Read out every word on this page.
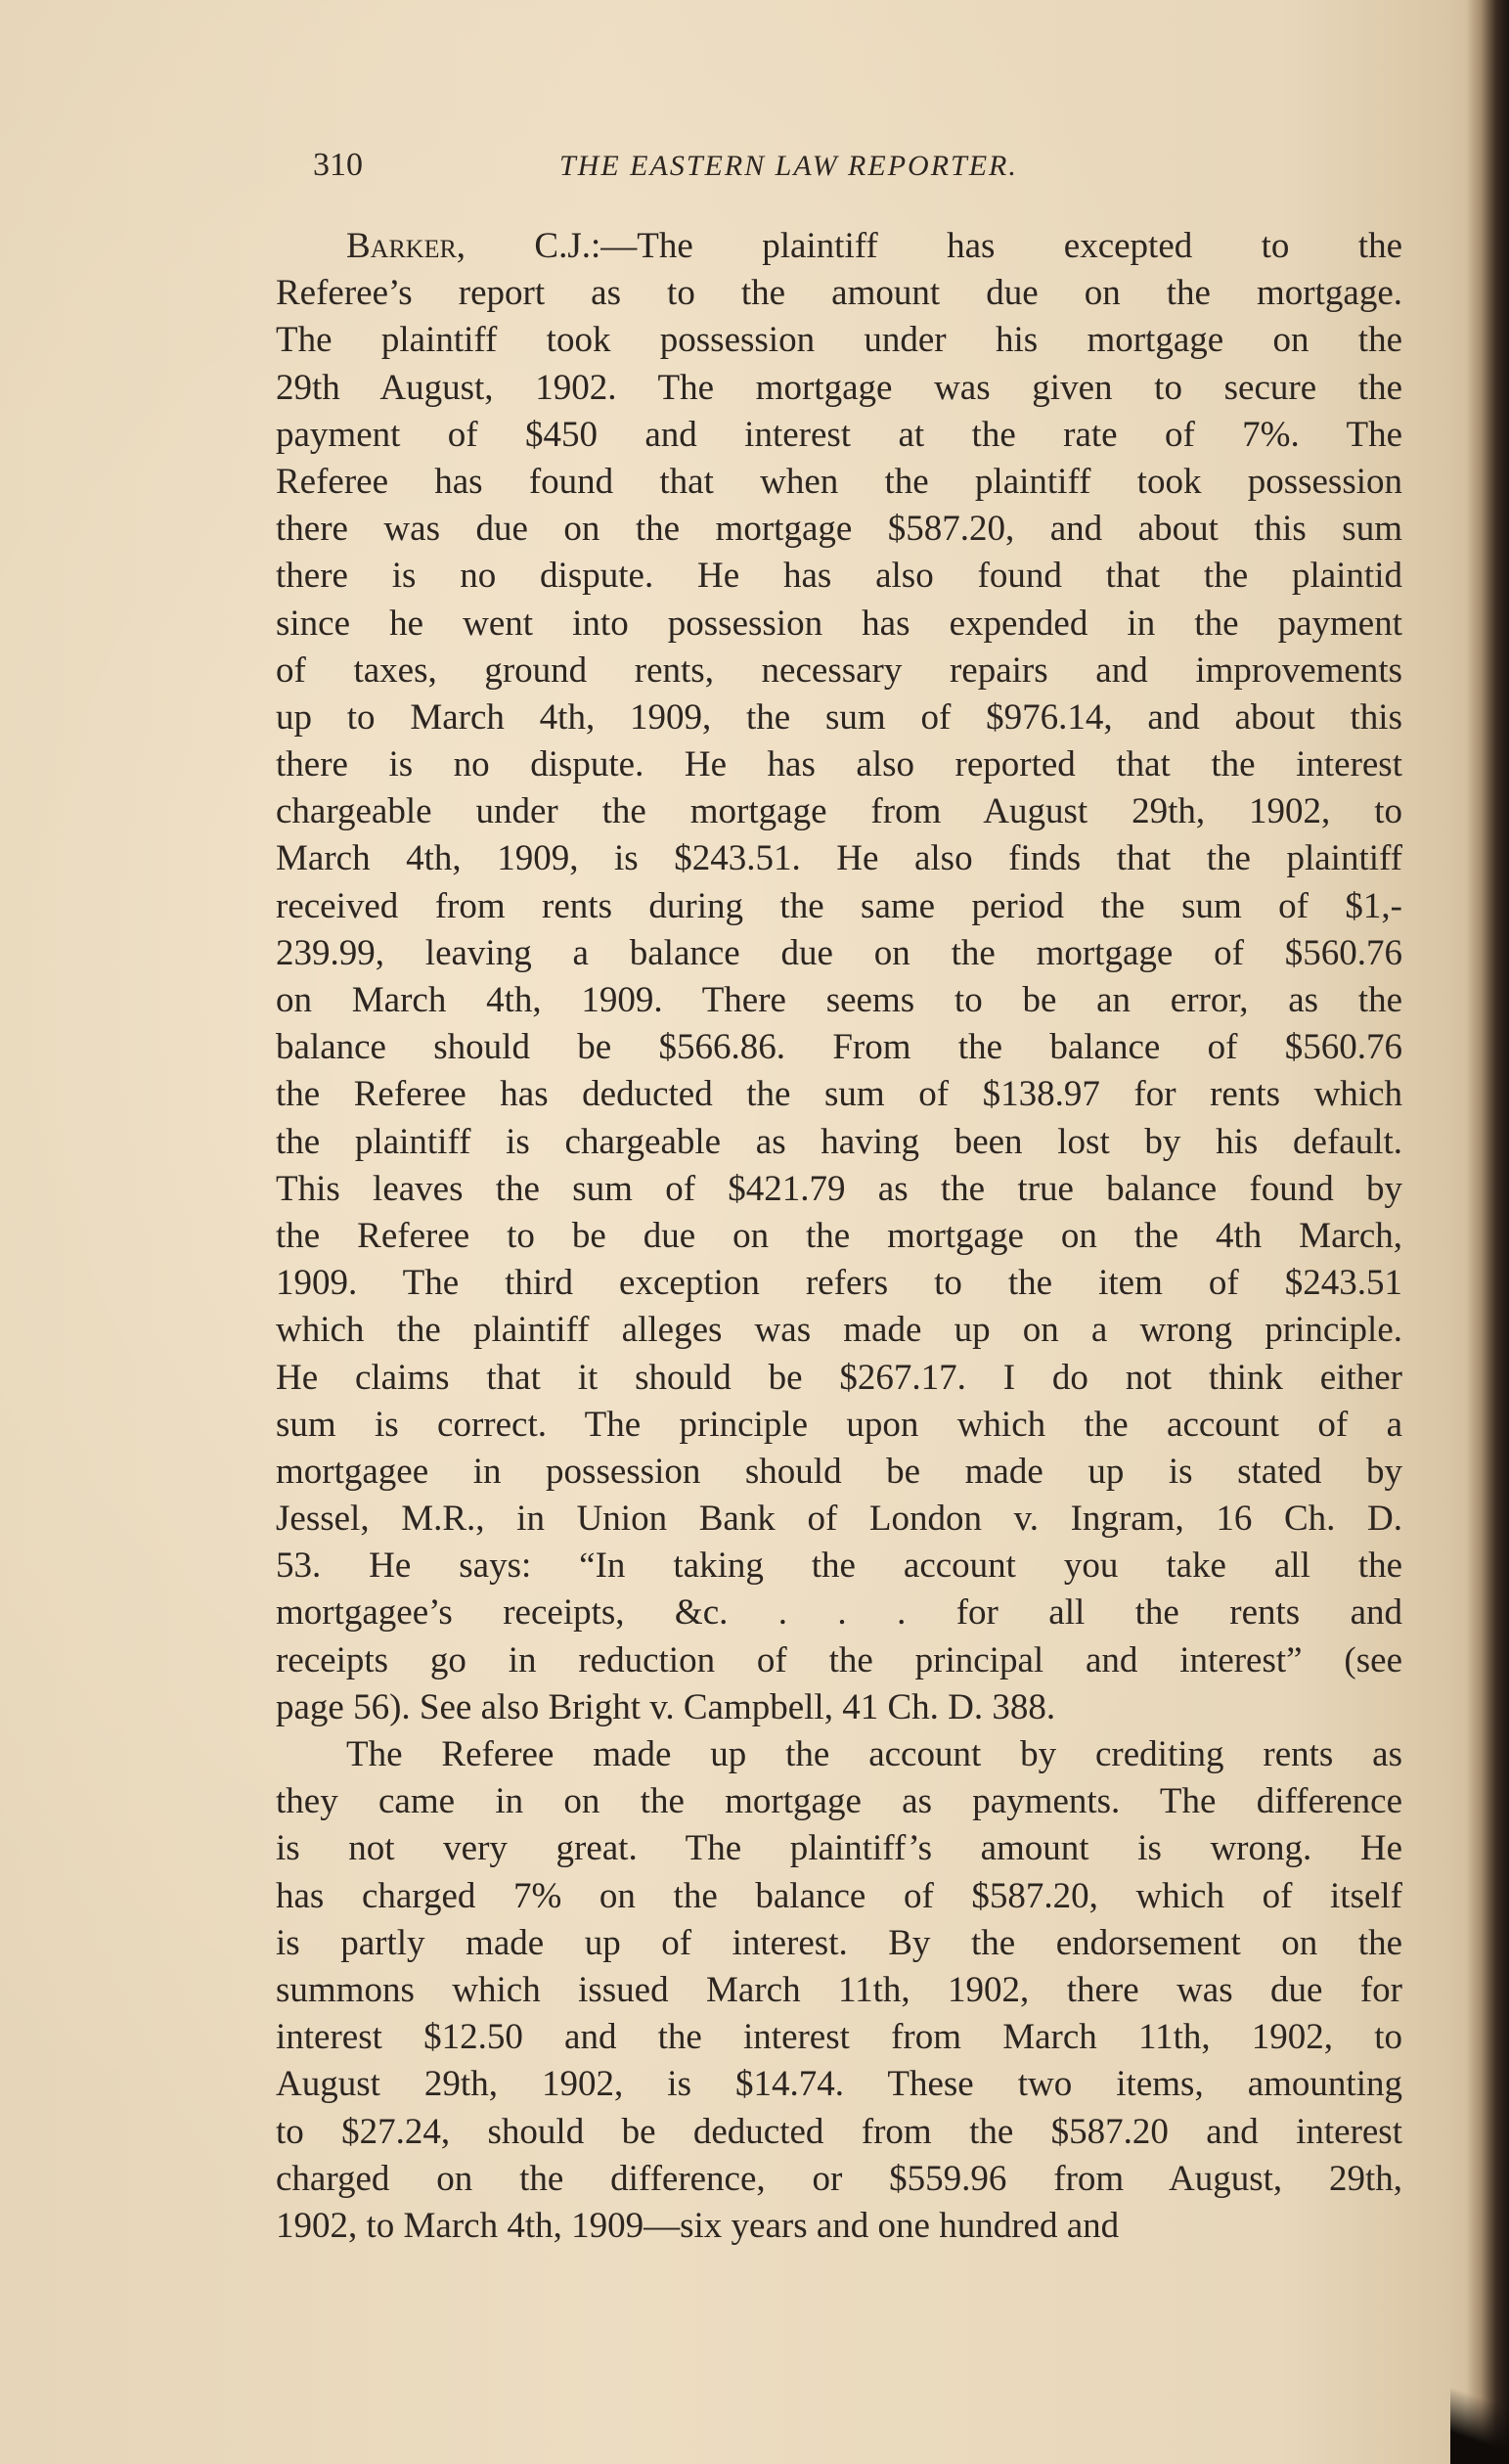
310	THE EASTERN LAW REPORTER.
Barker, C.J.:—The plaintiff has excepted to the
Referee’s report as to the amount due on the mortgage.
The plaintiff took possession under his mortgage on the
29th August, 1902. The mortgage was given to secure the
payment of $450 and interest at the rate of 7%. The
Referee has found that when the plaintiff took possession
there was due on the mortgage $587.20, and about this sum
there is no dispute. He has also found that the plaintid
since he went into possession has expended in the payment
of taxes, ground rents, necessary repairs and improvements
up to March 4th, 1909, the sum of $976.14, and about this
there is no dispute. He has also reported that the interest
chargeable under the mortgage from August 29th, 1902, to
March 4th, 1909, is $243.51. He also finds that the plaintiff
received from rents during the same period the sum of $1,-
239.99, leaving a balance due on the mortgage of $560.76
on March 4th, 1909. There seems to be an error, as the
balance should be $566.86. From the balance of $560.76
the Referee has deducted the sum of $138.97 for rents which
the plaintiff is chargeable as having been lost by his default.
This leaves the sum of $421.79 as the true balance found by
the Referee to be due on the mortgage on the 4th March,
1909. The third exception refers to the item of $243.51
which the plaintiff alleges was made up on a wrong principle.
He claims that it should be $267.17. I do not think either
sum is correct. The principle upon which the account of a
mortgagee in possession should be made up is stated by
Jessel, M.R., in Union Bank of London v. Ingram, 16 Ch. D.
53. He says: “In taking the account you take all the
mortgagee’s receipts, &c. . . . for all the rents and
receipts go in reduction of the principal and interest” (see
page 56). See also Bright v. Campbell, 41 Ch. D. 388.
The Referee made up the account by crediting rents as
they came in on the mortgage as payments. The difference
is not very great. The plaintiff’s amount is wrong. He
has charged 7% on the balance of $587.20, which of itself
is partly made up of interest. By the endorsement on the
summons which issued March 11th, 1902, there was due for
interest $12.50 and the interest from March 11th, 1902, to
August 29th, 1902, is $14.74. These two items, amounting
to $27.24, should be deducted from the $587.20 and interest
charged on the difference, or $559.96 from August, 29th,
1902, to March 4th, 1909—six years and one hundred and
